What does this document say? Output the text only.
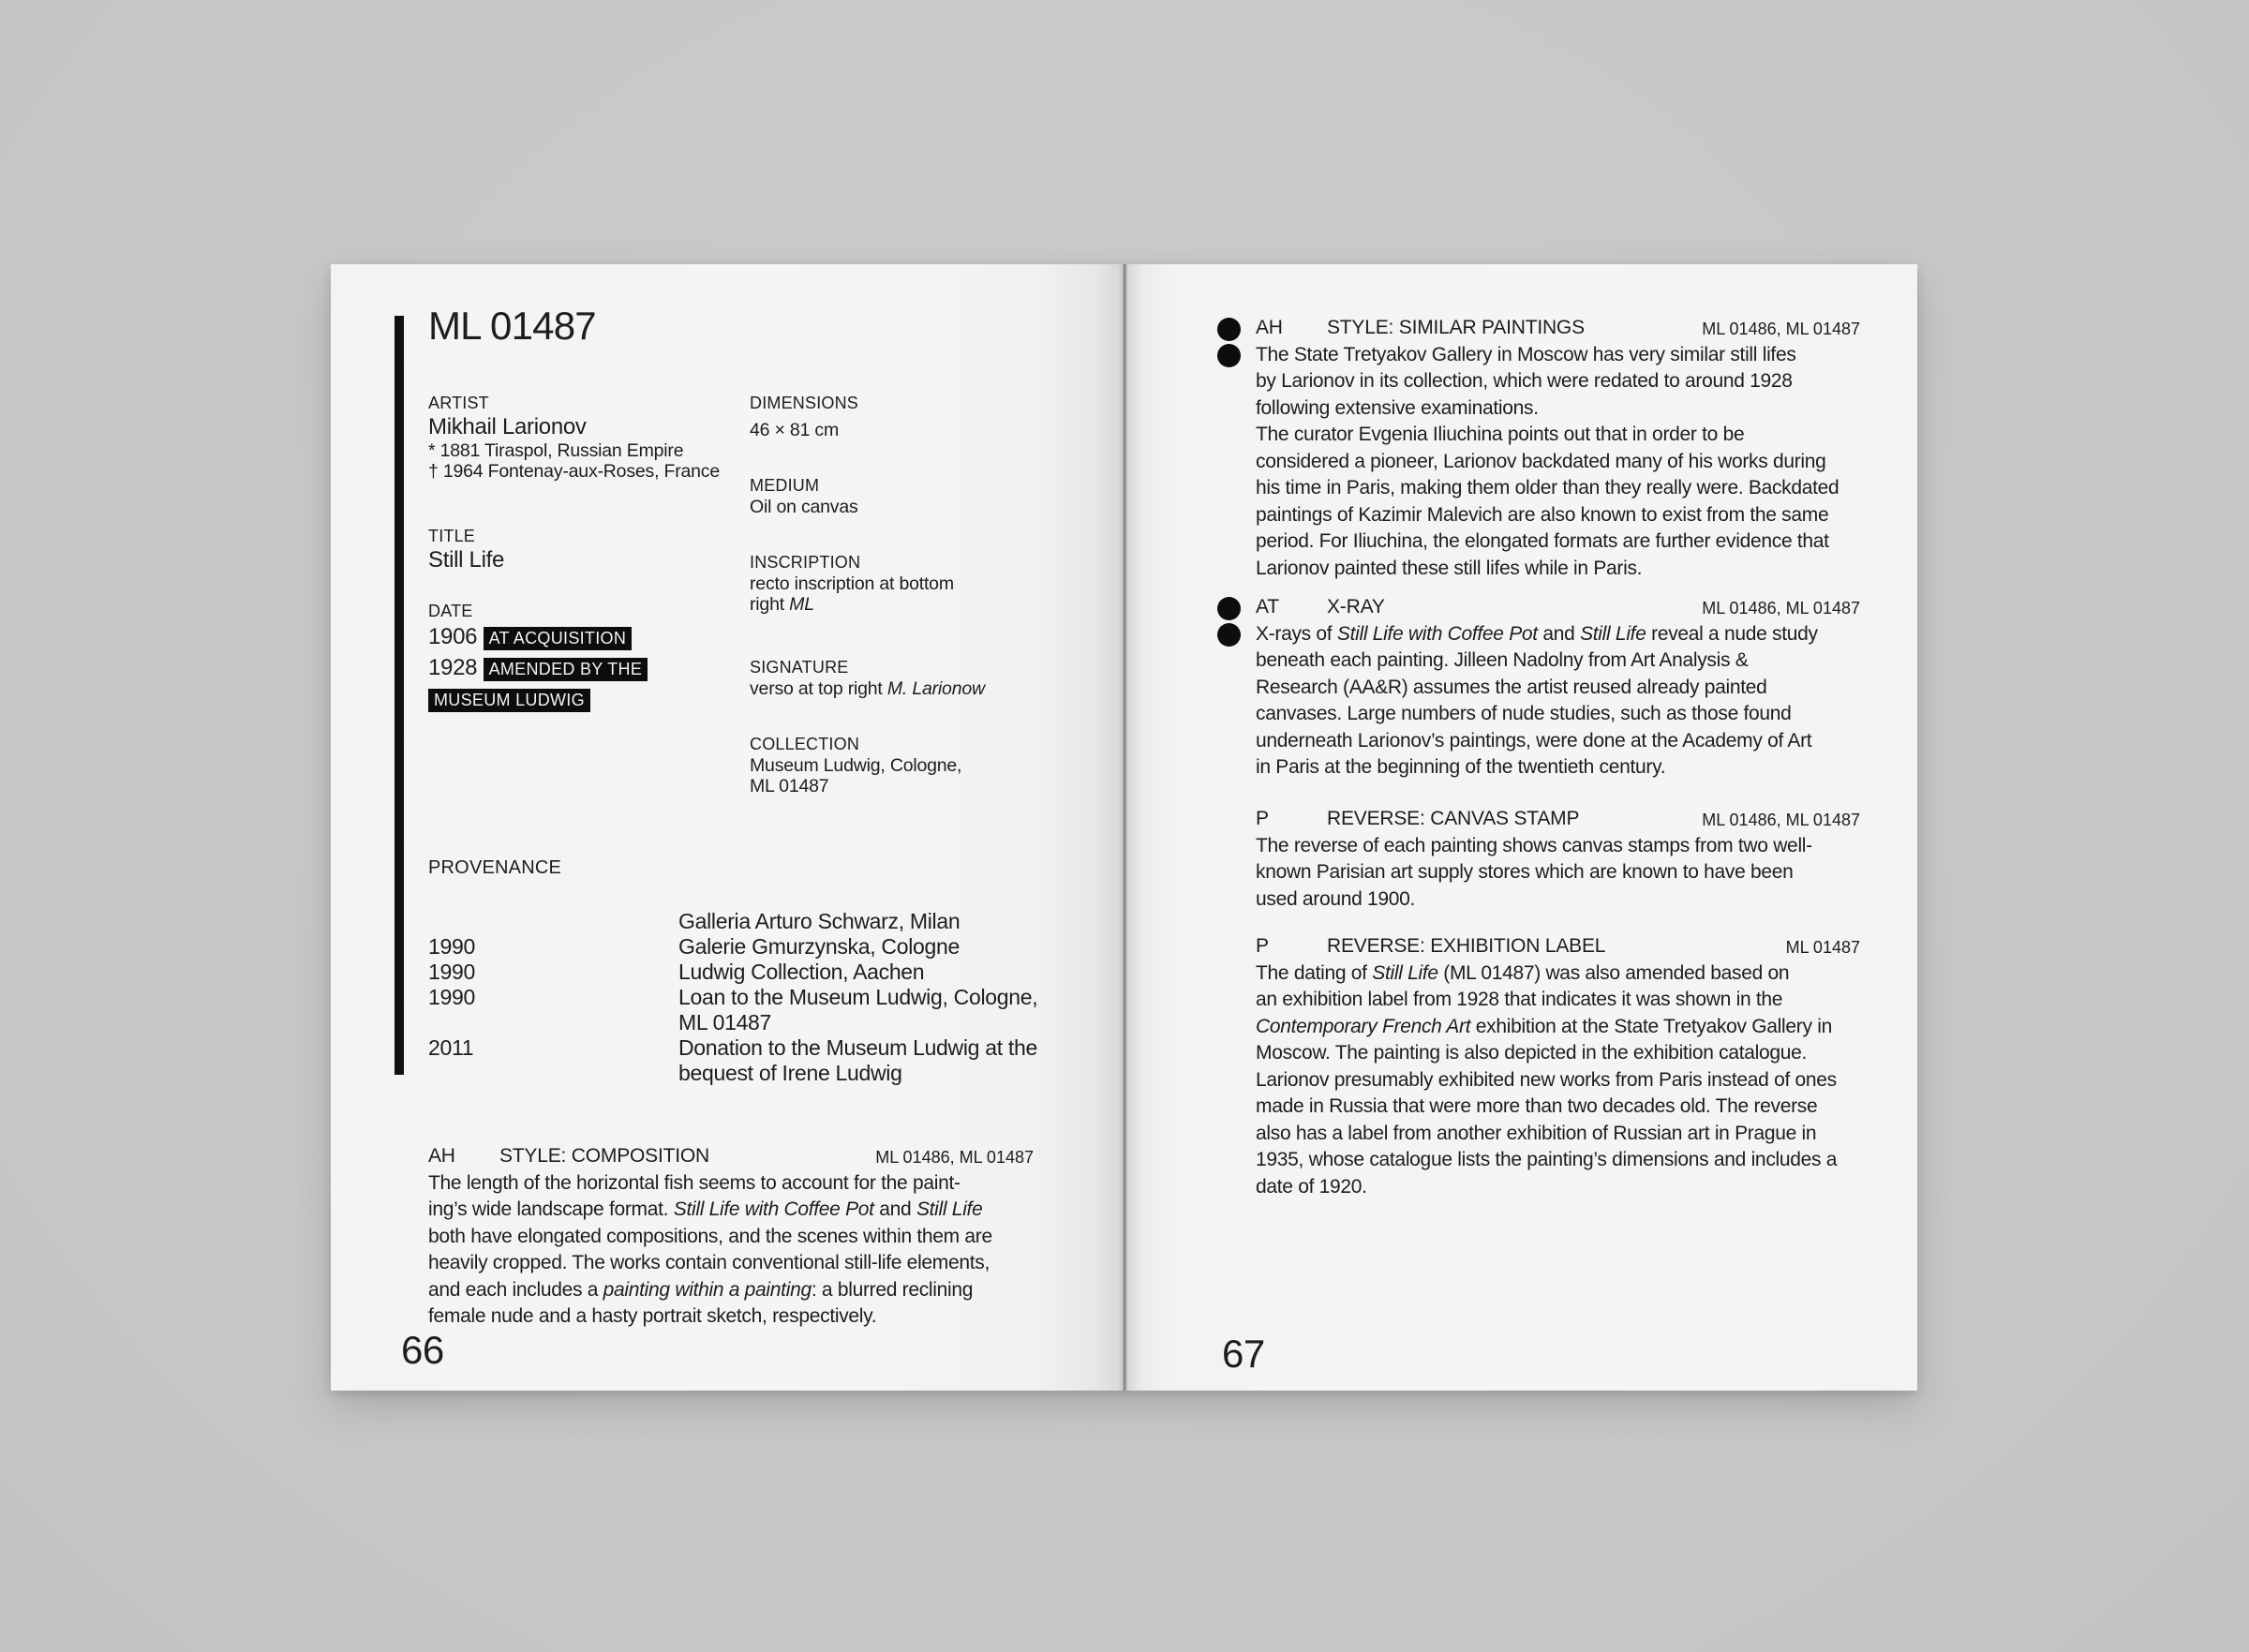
ML 01487
ARTIST
Mikhail Larionov
* 1881 Tiraspol, Russian Empire
† 1964 Fontenay-aux-Roses, France
TITLE
Still Life
DATE
1906 AT ACQUISITION
1928 AMENDED BY THE
MUSEUM LUDWIG
DIMENSIONS
46 × 81 cm
MEDIUM
Oil on canvas
INSCRIPTION
recto inscription at bottom
right ML
SIGNATURE
verso at top right M. Larionow
COLLECTION
Museum Ludwig, Cologne,
ML 01487
PROVENANCE
Galleria Arturo Schwarz, Milan
1990	Galerie Gmurzynska, Cologne
1990	Ludwig Collection, Aachen
1990	Loan to the Museum Ludwig, Cologne,
ML 01487
2011	Donation to the Museum Ludwig at the
bequest of Irene Ludwig
AH STYLE: COMPOSITION	ML 01486, ML 01487
The length of the horizontal fish seems to account for the paint-
ing’s wide landscape format. Still Life with Coffee Pot and Still Life
both have elongated compositions, and the scenes within them are
heavily cropped. The works contain conventional still-life elements,
and each includes a painting within a painting: a blurred reclining
female nude and a hasty portrait sketch, respectively.
66
AH STYLE: SIMILAR PAINTINGS	ML 01486, ML 01487
The State Tretyakov Gallery in Moscow has very similar still lifes
by Larionov in its collection, which were redated to around 1928
following extensive examinations.
The curator Evgenia Iliuchina points out that in order to be
considered a pioneer, Larionov backdated many of his works during
his time in Paris, making them older than they really were. Backdated
paintings of Kazimir Malevich are also known to exist from the same
period. For Iliuchina, the elongated formats are further evidence that
Larionov painted these still lifes while in Paris.
AT X-RAY	ML 01486, ML 01487
X-rays of Still Life with Coffee Pot and Still Life reveal a nude study
beneath each painting. Jilleen Nadolny from Art Analysis &
Research (AA&R) assumes the artist reused already painted
canvases. Large numbers of nude studies, such as those found
underneath Larionov’s paintings, were done at the Academy of Art
in Paris at the beginning of the twentieth century.
P	REVERSE: CANVAS STAMP	ML 01486, ML 01487
The reverse of each painting shows canvas stamps from two well-
known Parisian art supply stores which are known to have been
used around 1900.
P	REVERSE: EXHIBITION LABEL	ML 01487
The dating of Still Life (ML 01487) was also amended based on
an exhibition label from 1928 that indicates it was shown in the
Contemporary French Art exhibition at the State Tretyakov Gallery in
Moscow. The painting is also depicted in the exhibition catalogue.
Larionov presumably exhibited new works from Paris instead of ones
made in Russia that were more than two decades old. The reverse
also has a label from another exhibition of Russian art in Prague in
1935, whose catalogue lists the painting’s dimensions and includes a
date of 1920.
67
